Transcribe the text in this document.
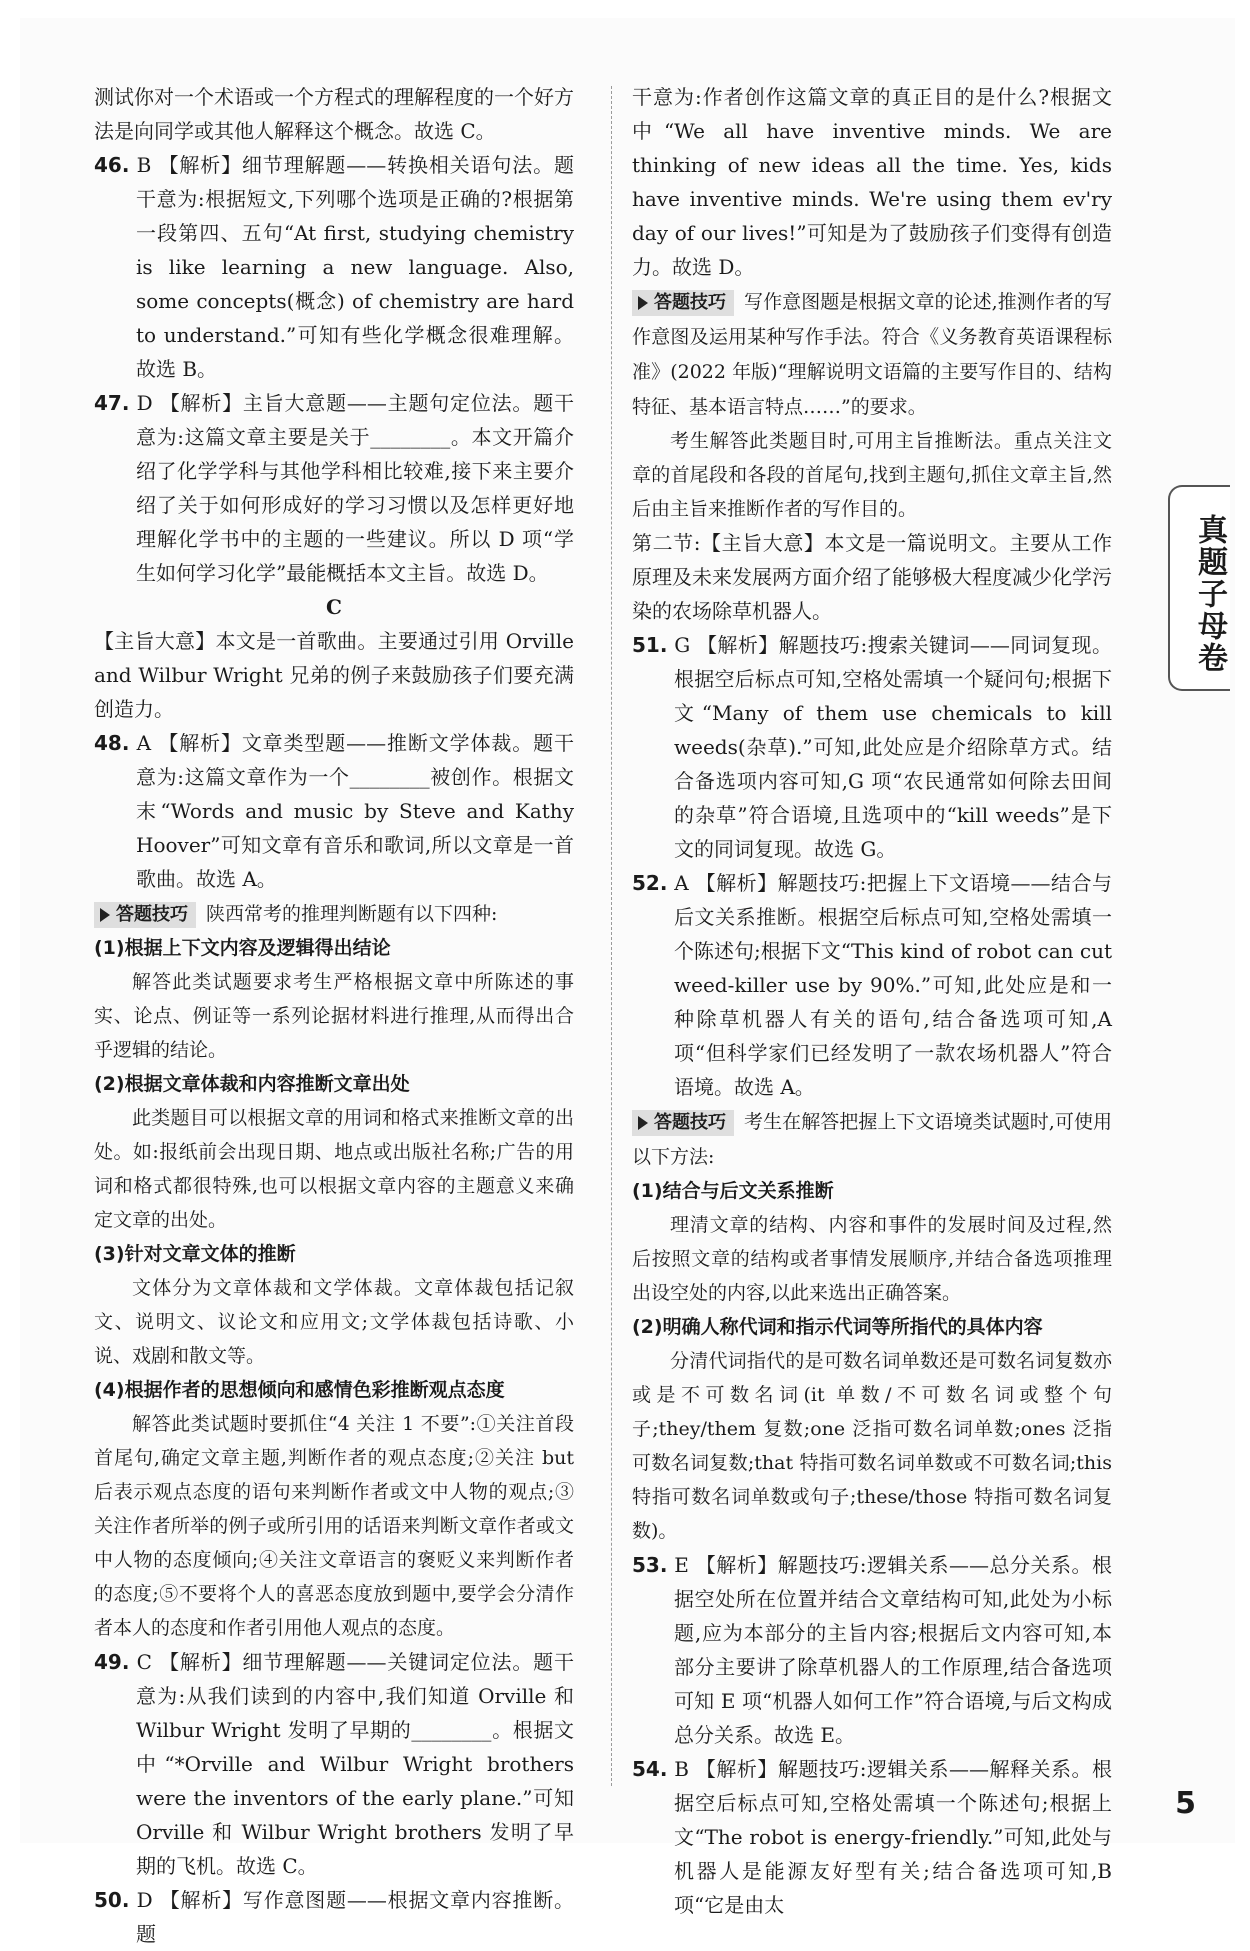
测试你对一个术语或一个方程式的理解程度的一个好方法是向同学或其他人解释这个概念。故选 C。

46. B 【解析】细节理解题——转换相关语句法。题干意为:根据短文,下列哪个选项是正确的?根据第一段第四、五句“At first, studying chemistry is like learning a new language. Also, some concepts(概念) of chemistry are hard to understand.”可知有些化学概念很难理解。故选 B。

47. D 【解析】主旨大意题——主题句定位法。题干意为:这篇文章主要是关于________。本文开篇介绍了化学学科与其他学科相比较难,接下来主要介绍了关于如何形成好的学习习惯以及怎样更好地理解化学书中的主题的一些建议。所以 D 项“学生如何学习化学”最能概括本文主旨。故选 D。

C

【主旨大意】本文是一首歌曲。主要通过引用 Orville and Wilbur Wright 兄弟的例子来鼓励孩子们要充满创造力。

48. A 【解析】文章类型题——推断文学体裁。题干意为:这篇文章作为一个________被创作。根据文末“Words and music by Steve and Kathy Hoover”可知文章有音乐和歌词,所以文章是一首歌曲。故选 A。

答题技巧 陕西常考的推理判断题有以下四种:

(1)根据上下文内容及逻辑得出结论

解答此类试题要求考生严格根据文章中所陈述的事实、论点、例证等一系列论据材料进行推理,从而得出合乎逻辑的结论。

(2)根据文章体裁和内容推断文章出处

此类题目可以根据文章的用词和格式来推断文章的出处。如:报纸前会出现日期、地点或出版社名称;广告的用词和格式都很特殊,也可以根据文章内容的主题意义来确定文章的出处。

(3)针对文章文体的推断

文体分为文章体裁和文学体裁。文章体裁包括记叙文、说明文、议论文和应用文;文学体裁包括诗歌、小说、戏剧和散文等。

(4)根据作者的思想倾向和感情色彩推断观点态度

解答此类试题时要抓住“4 关注 1 不要”:①关注首段首尾句,确定文章主题,判断作者的观点态度;②关注 but 后表示观点态度的语句来判断作者或文中人物的观点;③关注作者所举的例子或所引用的话语来判断文章作者或文中人物的态度倾向;④关注文章语言的褒贬义来判断作者的态度;⑤不要将个人的喜恶态度放到题中,要学会分清作者本人的态度和作者引用他人观点的态度。

49. C 【解析】细节理解题——关键词定位法。题干意为:从我们读到的内容中,我们知道 Orville 和 Wilbur Wright 发明了早期的________。根据文中“*Orville and Wilbur Wright brothers were the inventors of the early plane.”可知 Orville 和 Wilbur Wright brothers 发明了早期的飞机。故选 C。

50. D 【解析】写作意图题——根据文章内容推断。题

干意为:作者创作这篇文章的真正目的是什么?根据文中“We all have inventive minds. We are thinking of new ideas all the time. Yes, kids have inventive minds. We're using them ev'ry day of our lives!”可知是为了鼓励孩子们变得有创造力。故选 D。

答题技巧 写作意图题是根据文章的论述,推测作者的写作意图及运用某种写作手法。符合《义务教育英语课程标准》(2022 年版)“理解说明文语篇的主要写作目的、结构特征、基本语言特点……”的要求。

考生解答此类题目时,可用主旨推断法。重点关注文章的首尾段和各段的首尾句,找到主题句,抓住文章主旨,然后由主旨来推断作者的写作目的。

第二节:【主旨大意】本文是一篇说明文。主要从工作原理及未来发展两方面介绍了能够极大程度减少化学污染的农场除草机器人。

51. G 【解析】解题技巧:搜索关键词——同词复现。根据空后标点可知,空格处需填一个疑问句;根据下文“Many of them use chemicals to kill weeds(杂草).”可知,此处应是介绍除草方式。结合备选项内容可知,G 项“农民通常如何除去田间的杂草”符合语境,且选项中的“kill weeds”是下文的同词复现。故选 G。

52. A 【解析】解题技巧:把握上下文语境——结合与后文关系推断。根据空后标点可知,空格处需填一个陈述句;根据下文“This kind of robot can cut weed-killer use by 90%.”可知,此处应是和一种除草机器人有关的语句,结合备选项可知,A 项“但科学家们已经发明了一款农场机器人”符合语境。故选 A。

答题技巧 考生在解答把握上下文语境类试题时,可使用以下方法:

(1)结合与后文关系推断

理清文章的结构、内容和事件的发展时间及过程,然后按照文章的结构或者事情发展顺序,并结合备选项推理出设空处的内容,以此来选出正确答案。

(2)明确人称代词和指示代词等所指代的具体内容

分清代词指代的是可数名词单数还是可数名词复数亦或是不可数名词(it 单数/不可数名词或整个句子;they/them 复数;one 泛指可数名词单数;ones 泛指可数名词复数;that 特指可数名词单数或不可数名词;this 特指可数名词单数或句子;these/those 特指可数名词复数)。

53. E 【解析】解题技巧:逻辑关系——总分关系。根据空处所在位置并结合文章结构可知,此处为小标题,应为本部分的主旨内容;根据后文内容可知,本部分主要讲了除草机器人的工作原理,结合备选项可知 E 项“机器人如何工作”符合语境,与后文构成总分关系。故选 E。

54. B 【解析】解题技巧:逻辑关系——解释关系。根据空后标点可知,空格处需填一个陈述句;根据上文“The robot is energy-friendly.”可知,此处与机器人是能源友好型有关;结合备选项可知,B 项“它是由太

真题子母卷
5
